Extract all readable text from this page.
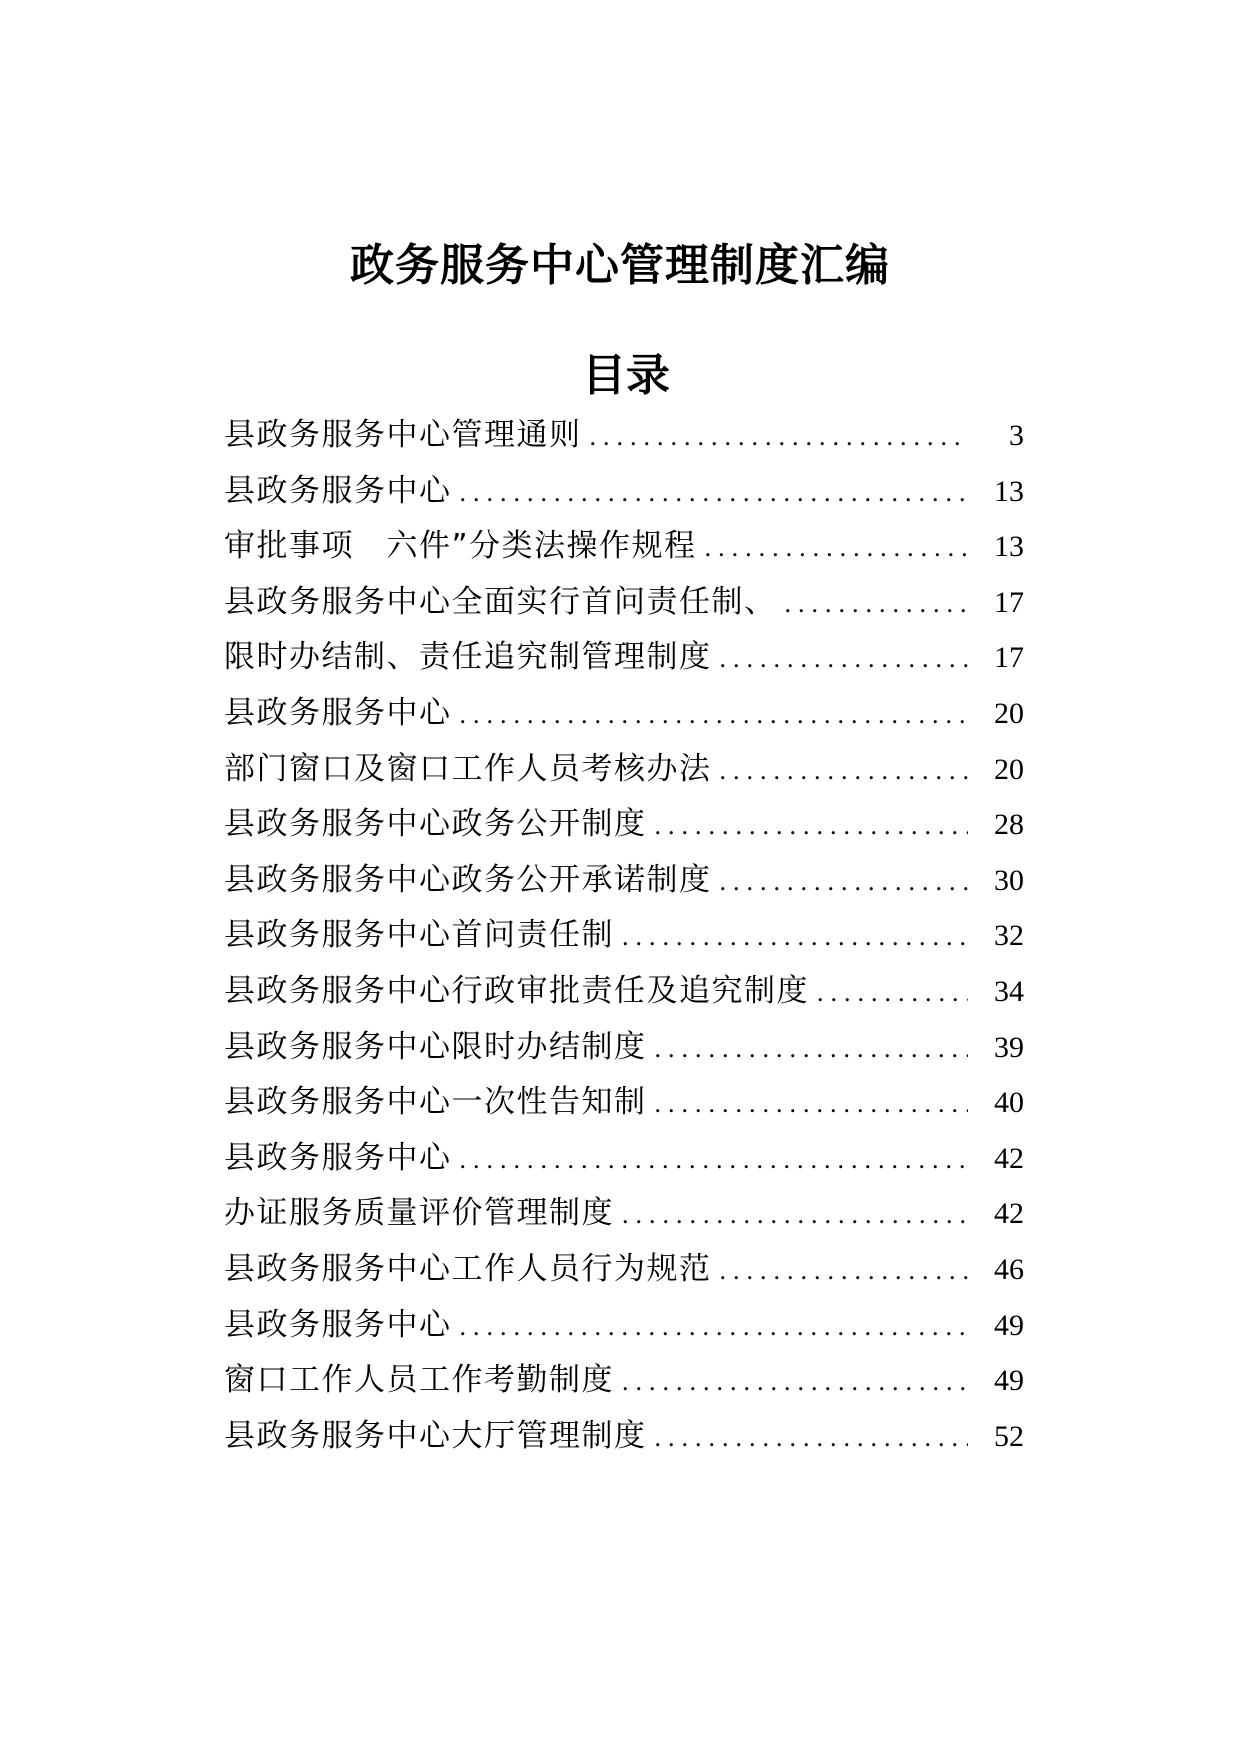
政务服务中心管理制度汇编
目录
县政务服务中心管理通则 .....	3
县政务服务中心 .....	13
审批事项　六件”分类法操作规程 .....	13
县政务服务中心全面实行首问责任制、 .....	17
限时办结制、责任追究制管理制度 .....	17
县政务服务中心 .....	20
部门窗口及窗口工作人员考核办法 .....	20
县政务服务中心政务公开制度 .....	28
县政务服务中心政务公开承诺制度 .....	30
县政务服务中心首问责任制 .....	32
县政务服务中心行政审批责任及追究制度 .....	34
县政务服务中心限时办结制度 .....	39
县政务服务中心一次性告知制 .....	40
县政务服务中心 .....	42
办证服务质量评价管理制度 .....	42
县政务服务中心工作人员行为规范 .....	46
县政务服务中心 .....	49
窗口工作人员工作考勤制度 .....	49
县政务服务中心大厅管理制度 .....	52
